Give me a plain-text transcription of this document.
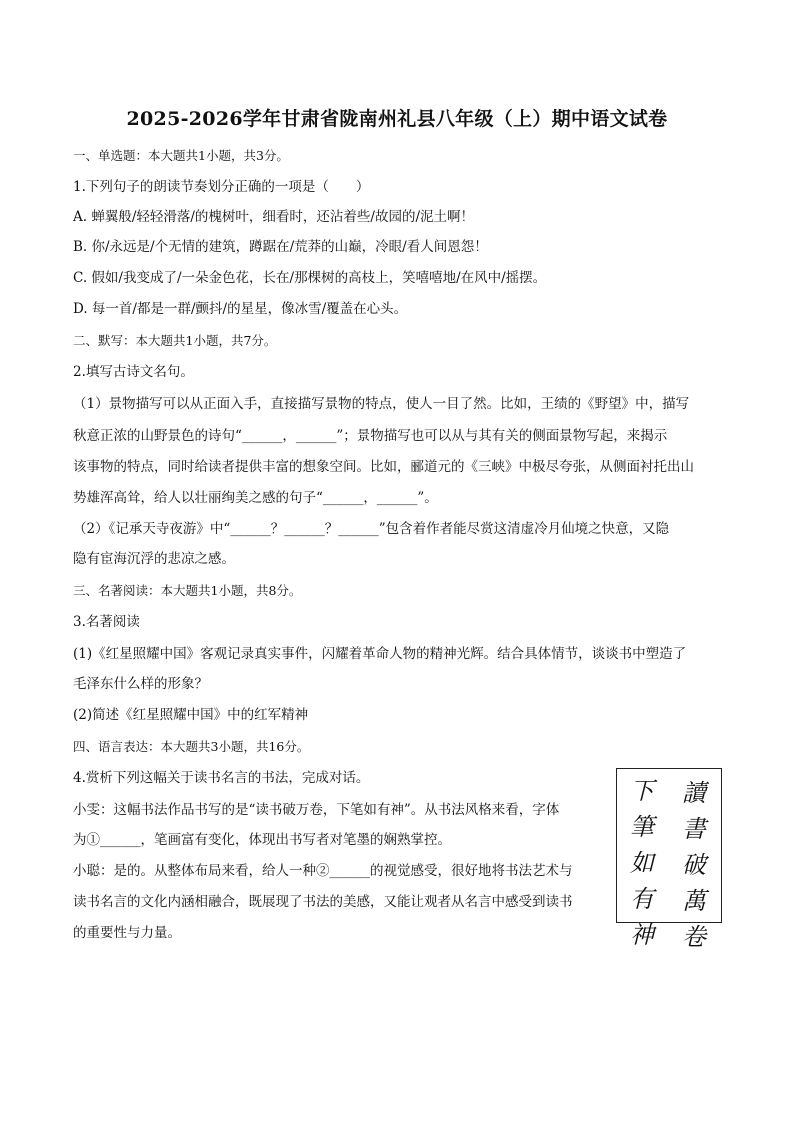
2025-2026学年甘肃省陇南州礼县八年级（上）期中语文试卷
一、单选题：本大题共1小题，共3分。
1.下列句子的朗读节奏划分正确的一项是（　　）
A. 蝉翼般/轻轻滑落/的槐树叶，细看时，还沾着些/故园的/泥土啊！
B. 你/永远是/个无情的建筑，蹲踞在/荒莽的山巅，冷眼/看人间恩怨！
C. 假如/我变成了/一朵金色花，长在/那棵树的高枝上，笑嘻嘻地/在风中/摇摆。
D. 每一首/都是一群/颤抖/的星星，像冰雪/覆盖在心头。
二、默写：本大题共1小题，共7分。
2.填写古诗文名句。
（1）景物描写可以从正面入手，直接描写景物的特点，使人一目了然。比如，王绩的《野望》中，描写
秋意正浓的山野景色的诗句“______，______”；景物描写也可以从与其有关的侧面景物写起，来揭示
该事物的特点，同时给读者提供丰富的想象空间。比如，郦道元的《三峡》中极尽夸张，从侧面衬托出山
势雄浑高耸，给人以壮丽绚美之感的句子“______，______”。
（2）《记承天寺夜游》中“______？______？______”包含着作者能尽赏这清虚冷月仙境之快意，又隐
隐有宦海沉浮的悲凉之感。
三、名著阅读：本大题共1小题，共8分。
3.名著阅读
(1)《红星照耀中国》客观记录真实事件，闪耀着革命人物的精神光辉。结合具体情节，谈谈书中塑造了
毛泽东什么样的形象？
(2)简述《红星照耀中国》中的红军精神
四、语言表达：本大题共3小题，共16分。
4.赏析下列这幅关于读书名言的书法，完成对话。
小雯：这幅书法作品书写的是“读书破万卷，下笔如有神”。从书法风格来看，字体
为①______，笔画富有变化，体现出书写者对笔墨的娴熟掌控。
小聪：是的。从整体布局来看，给人一种②______的视觉感受，很好地将书法艺术与
读书名言的文化内涵相融合，既展现了书法的美感，又能让观者从名言中感受到读书
的重要性与力量。
讀
書
破
萬
卷
下
筆
如
有
神
